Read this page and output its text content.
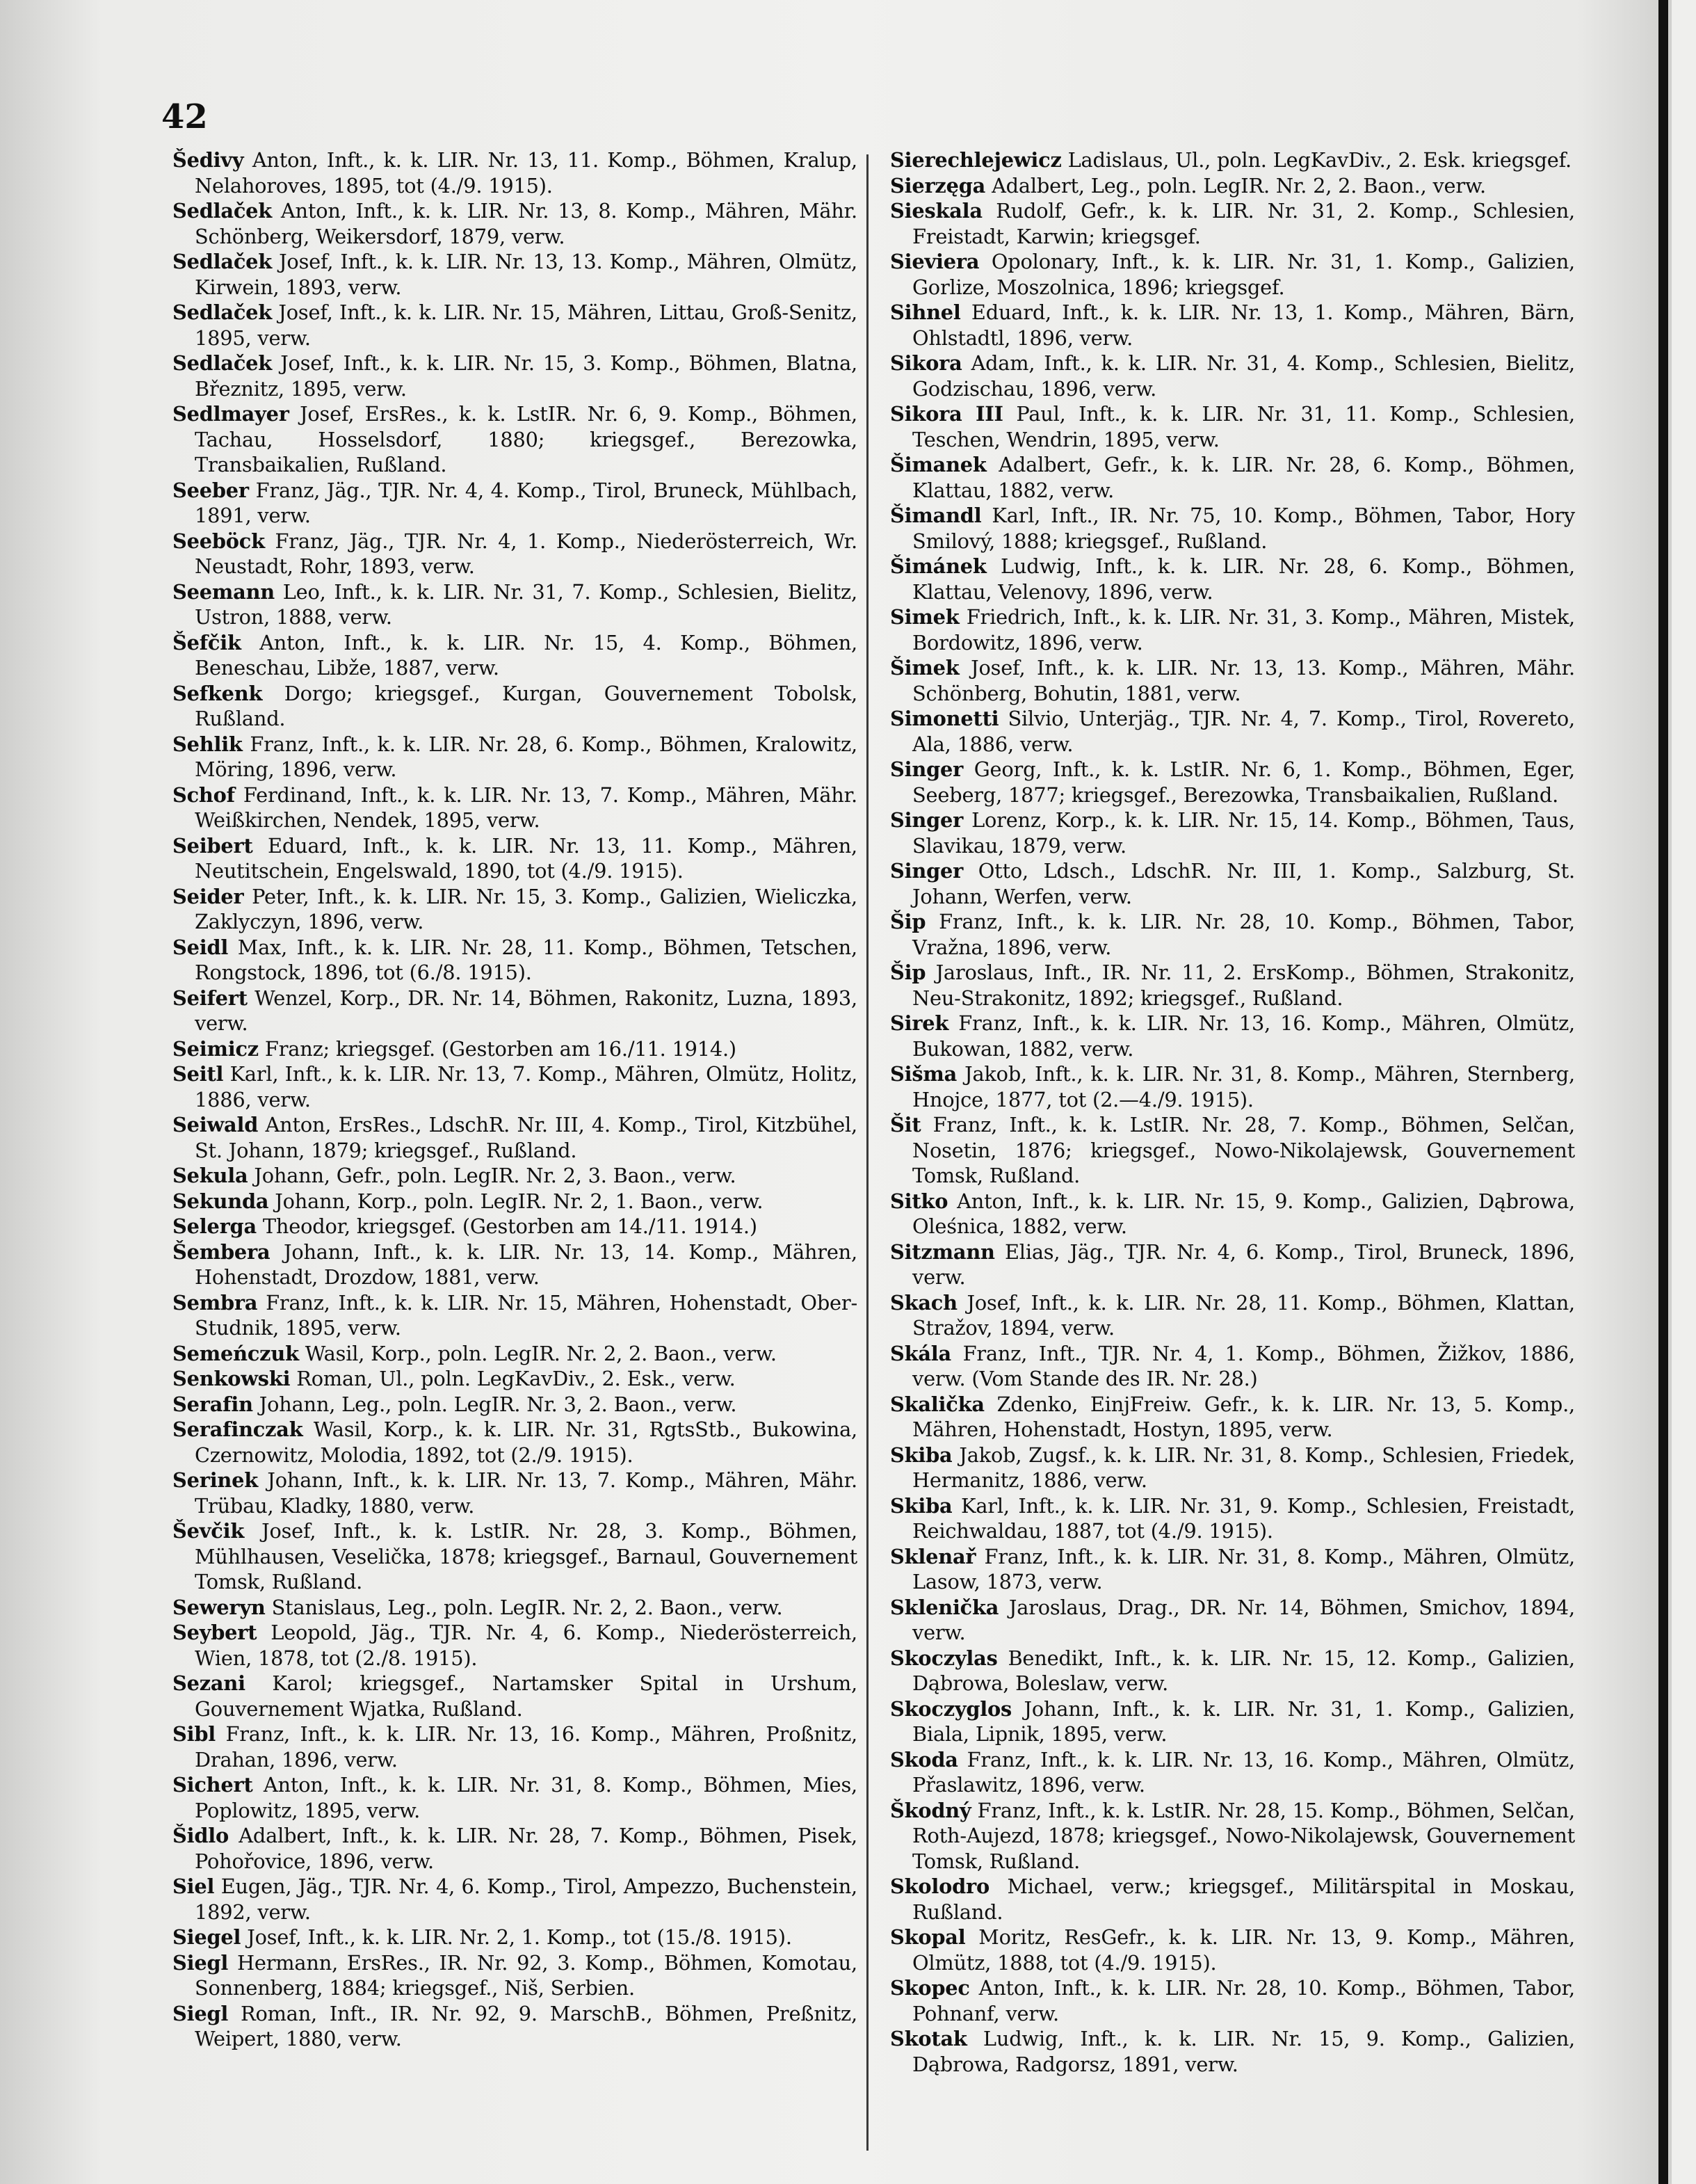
42

Šedivy Anton, Inft., k. k. LIR. Nr. 13, 11. Komp., Böhmen, Kralup, Nelahoroves, 1895, tot (4./9. 1915).

Sedlaček Anton, Inft., k. k. LIR. Nr. 13, 8. Komp., Mähren, Mähr. Schönberg, Weikersdorf, 1879, verw.

Sedlaček Josef, Inft., k. k. LIR. Nr. 13, 13. Komp., Mähren, Olmütz, Kirwein, 1893, verw.

Sedlaček Josef, Inft., k. k. LIR. Nr. 15, Mähren, Littau, Groß-Senitz, 1895, verw.

Sedlaček Josef, Inft., k. k. LIR. Nr. 15, 3. Komp., Böhmen, Blatna, Březnitz, 1895, verw.

Sedlmayer Josef, ErsRes., k. k. LstIR. Nr. 6, 9. Komp., Böhmen, Tachau, Hosselsdorf, 1880; kriegsgef., Berezowka, Transbaikalien, Rußland.

Seeber Franz, Jäg., TJR. Nr. 4, 4. Komp., Tirol, Bruneck, Mühlbach, 1891, verw.

Seeböck Franz, Jäg., TJR. Nr. 4, 1. Komp., Niederösterreich, Wr. Neustadt, Rohr, 1893, verw.

Seemann Leo, Inft., k. k. LIR. Nr. 31, 7. Komp., Schlesien, Bielitz, Ustron, 1888, verw.

Šefčik Anton, Inft., k. k. LIR. Nr. 15, 4. Komp., Böhmen, Beneschau, Libže, 1887, verw.

Sefkenk Dorgo; kriegsgef., Kurgan, Gouvernement Tobolsk, Rußland.

Sehlik Franz, Inft., k. k. LIR. Nr. 28, 6. Komp., Böhmen, Kralowitz, Möring, 1896, verw.

Schof Ferdinand, Inft., k. k. LIR. Nr. 13, 7. Komp., Mähren, Mähr. Weißkirchen, Nendek, 1895, verw.

Seibert Eduard, Inft., k. k. LIR. Nr. 13, 11. Komp., Mähren, Neutitschein, Engelswald, 1890, tot (4./9. 1915).

Seider Peter, Inft., k. k. LIR. Nr. 15, 3. Komp., Galizien, Wieliczka, Zaklyczyn, 1896, verw.

Seidl Max, Inft., k. k. LIR. Nr. 28, 11. Komp., Böhmen, Tetschen, Rongstock, 1896, tot (6./8. 1915).

Seifert Wenzel, Korp., DR. Nr. 14, Böhmen, Rakonitz, Luzna, 1893, verw.

Seimicz Franz; kriegsgef. (Gestorben am 16./11. 1914.)

Seitl Karl, Inft., k. k. LIR. Nr. 13, 7. Komp., Mähren, Olmütz, Holitz, 1886, verw.

Seiwald Anton, ErsRes., LdschR. Nr. III, 4. Komp., Tirol, Kitzbühel, St. Johann, 1879; kriegsgef., Rußland.

Sekula Johann, Gefr., poln. LegIR. Nr. 2, 3. Baon., verw.

Sekunda Johann, Korp., poln. LegIR. Nr. 2, 1. Baon., verw.

Selerga Theodor, kriegsgef. (Gestorben am 14./11. 1914.)

Šembera Johann, Inft., k. k. LIR. Nr. 13, 14. Komp., Mähren, Hohenstadt, Drozdow, 1881, verw.

Sembra Franz, Inft., k. k. LIR. Nr. 15, Mähren, Hohenstadt, Ober-Studnik, 1895, verw.

Semeńczuk Wasil, Korp., poln. LegIR. Nr. 2, 2. Baon., verw.

Senkowski Roman, Ul., poln. LegKavDiv., 2. Esk., verw.

Serafin Johann, Leg., poln. LegIR. Nr. 3, 2. Baon., verw.

Serafinczak Wasil, Korp., k. k. LIR. Nr. 31, RgtsStb., Bukowina, Czernowitz, Molodia, 1892, tot (2./9. 1915).

Serinek Johann, Inft., k. k. LIR. Nr. 13, 7. Komp., Mähren, Mähr. Trübau, Kladky, 1880, verw.

Ševčik Josef, Inft., k. k. LstIR. Nr. 28, 3. Komp., Böhmen, Mühlhausen, Veselička, 1878; kriegsgef., Barnaul, Gouvernement Tomsk, Rußland.

Seweryn Stanislaus, Leg., poln. LegIR. Nr. 2, 2. Baon., verw.

Seybert Leopold, Jäg., TJR. Nr. 4, 6. Komp., Niederösterreich, Wien, 1878, tot (2./8. 1915).

Sezani Karol; kriegsgef., Nartamsker Spital in Urshum, Gouvernement Wjatka, Rußland.

Sibl Franz, Inft., k. k. LIR. Nr. 13, 16. Komp., Mähren, Proßnitz, Drahan, 1896, verw.

Sichert Anton, Inft., k. k. LIR. Nr. 31, 8. Komp., Böhmen, Mies, Poplowitz, 1895, verw.

Šidlo Adalbert, Inft., k. k. LIR. Nr. 28, 7. Komp., Böhmen, Pisek, Pohořovice, 1896, verw.

Siel Eugen, Jäg., TJR. Nr. 4, 6. Komp., Tirol, Ampezzo, Buchenstein, 1892, verw.

Siegel Josef, Inft., k. k. LIR. Nr. 2, 1. Komp., tot (15./8. 1915).

Siegl Hermann, ErsRes., IR. Nr. 92, 3. Komp., Böhmen, Komotau, Sonnenberg, 1884; kriegsgef., Niš, Serbien.

Siegl Roman, Inft., IR. Nr. 92, 9. MarschB., Böhmen, Preßnitz, Weipert, 1880, verw.

Sierechlejewicz Ladislaus, Ul., poln. LegKavDiv., 2. Esk. kriegsgef.

Sierzęga Adalbert, Leg., poln. LegIR. Nr. 2, 2. Baon., verw.

Sieskala Rudolf, Gefr., k. k. LIR. Nr. 31, 2. Komp., Schlesien, Freistadt, Karwin; kriegsgef.

Sieviera Opolonary, Inft., k. k. LIR. Nr. 31, 1. Komp., Galizien, Gorlize, Moszolnica, 1896; kriegsgef.

Sihnel Eduard, Inft., k. k. LIR. Nr. 13, 1. Komp., Mähren, Bärn, Ohlstadtl, 1896, verw.

Sikora Adam, Inft., k. k. LIR. Nr. 31, 4. Komp., Schlesien, Bielitz, Godzischau, 1896, verw.

Sikora III Paul, Inft., k. k. LIR. Nr. 31, 11. Komp., Schlesien, Teschen, Wendrin, 1895, verw.

Šimanek Adalbert, Gefr., k. k. LIR. Nr. 28, 6. Komp., Böhmen, Klattau, 1882, verw.

Šimandl Karl, Inft., IR. Nr. 75, 10. Komp., Böhmen, Tabor, Hory Smilový, 1888; kriegsgef., Rußland.

Šimánek Ludwig, Inft., k. k. LIR. Nr. 28, 6. Komp., Böhmen, Klattau, Velenovy, 1896, verw.

Simek Friedrich, Inft., k. k. LIR. Nr. 31, 3. Komp., Mähren, Mistek, Bordowitz, 1896, verw.

Šimek Josef, Inft., k. k. LIR. Nr. 13, 13. Komp., Mähren, Mähr. Schönberg, Bohutin, 1881, verw.

Simonetti Silvio, Unterjäg., TJR. Nr. 4, 7. Komp., Tirol, Rovereto, Ala, 1886, verw.

Singer Georg, Inft., k. k. LstIR. Nr. 6, 1. Komp., Böhmen, Eger, Seeberg, 1877; kriegsgef., Berezowka, Transbaikalien, Rußland.

Singer Lorenz, Korp., k. k. LIR. Nr. 15, 14. Komp., Böhmen, Taus, Slavikau, 1879, verw.

Singer Otto, Ldsch., LdschR. Nr. III, 1. Komp., Salzburg, St. Johann, Werfen, verw.

Šip Franz, Inft., k. k. LIR. Nr. 28, 10. Komp., Böhmen, Tabor, Vražna, 1896, verw.

Šip Jaroslaus, Inft., IR. Nr. 11, 2. ErsKomp., Böhmen, Strakonitz, Neu-Strakonitz, 1892; kriegsgef., Rußland.

Sirek Franz, Inft., k. k. LIR. Nr. 13, 16. Komp., Mähren, Olmütz, Bukowan, 1882, verw.

Sišma Jakob, Inft., k. k. LIR. Nr. 31, 8. Komp., Mähren, Sternberg, Hnojce, 1877, tot (2.—4./9. 1915).

Šit Franz, Inft., k. k. LstIR. Nr. 28, 7. Komp., Böhmen, Selčan, Nosetin, 1876; kriegsgef., Nowo-Nikolajewsk, Gouvernement Tomsk, Rußland.

Sitko Anton, Inft., k. k. LIR. Nr. 15, 9. Komp., Galizien, Dąbrowa, Oleśnica, 1882, verw.

Sitzmann Elias, Jäg., TJR. Nr. 4, 6. Komp., Tirol, Bruneck, 1896, verw.

Skach Josef, Inft., k. k. LIR. Nr. 28, 11. Komp., Böhmen, Klattan, Stražov, 1894, verw.

Skála Franz, Inft., TJR. Nr. 4, 1. Komp., Böhmen, Žižkov, 1886, verw. (Vom Stande des IR. Nr. 28.)

Skalička Zdenko, EinjFreiw. Gefr., k. k. LIR. Nr. 13, 5. Komp., Mähren, Hohenstadt, Hostyn, 1895, verw.

Skiba Jakob, Zugsf., k. k. LIR. Nr. 31, 8. Komp., Schlesien, Friedek, Hermanitz, 1886, verw.

Skiba Karl, Inft., k. k. LIR. Nr. 31, 9. Komp., Schlesien, Freistadt, Reichwaldau, 1887, tot (4./9. 1915).

Sklenař Franz, Inft., k. k. LIR. Nr. 31, 8. Komp., Mähren, Olmütz, Lasow, 1873, verw.

Sklenička Jaroslaus, Drag., DR. Nr. 14, Böhmen, Smichov, 1894, verw.

Skoczylas Benedikt, Inft., k. k. LIR. Nr. 15, 12. Komp., Galizien, Dąbrowa, Boleslaw, verw.

Skoczyglos Johann, Inft., k. k. LIR. Nr. 31, 1. Komp., Galizien, Biala, Lipnik, 1895, verw.

Skoda Franz, Inft., k. k. LIR. Nr. 13, 16. Komp., Mähren, Olmütz, Přaslawitz, 1896, verw.

Škodný Franz, Inft., k. k. LstIR. Nr. 28, 15. Komp., Böhmen, Selčan, Roth-Aujezd, 1878; kriegsgef., Nowo-Nikolajewsk, Gouvernement Tomsk, Rußland.

Skolodro Michael, verw.; kriegsgef., Militärspital in Moskau, Rußland.

Skopal Moritz, ResGefr., k. k. LIR. Nr. 13, 9. Komp., Mähren, Olmütz, 1888, tot (4./9. 1915).

Skopec Anton, Inft., k. k. LIR. Nr. 28, 10. Komp., Böhmen, Tabor, Pohnanf, verw.

Skotak Ludwig, Inft., k. k. LIR. Nr. 15, 9. Komp., Galizien, Dąbrowa, Radgorsz, 1891, verw.
